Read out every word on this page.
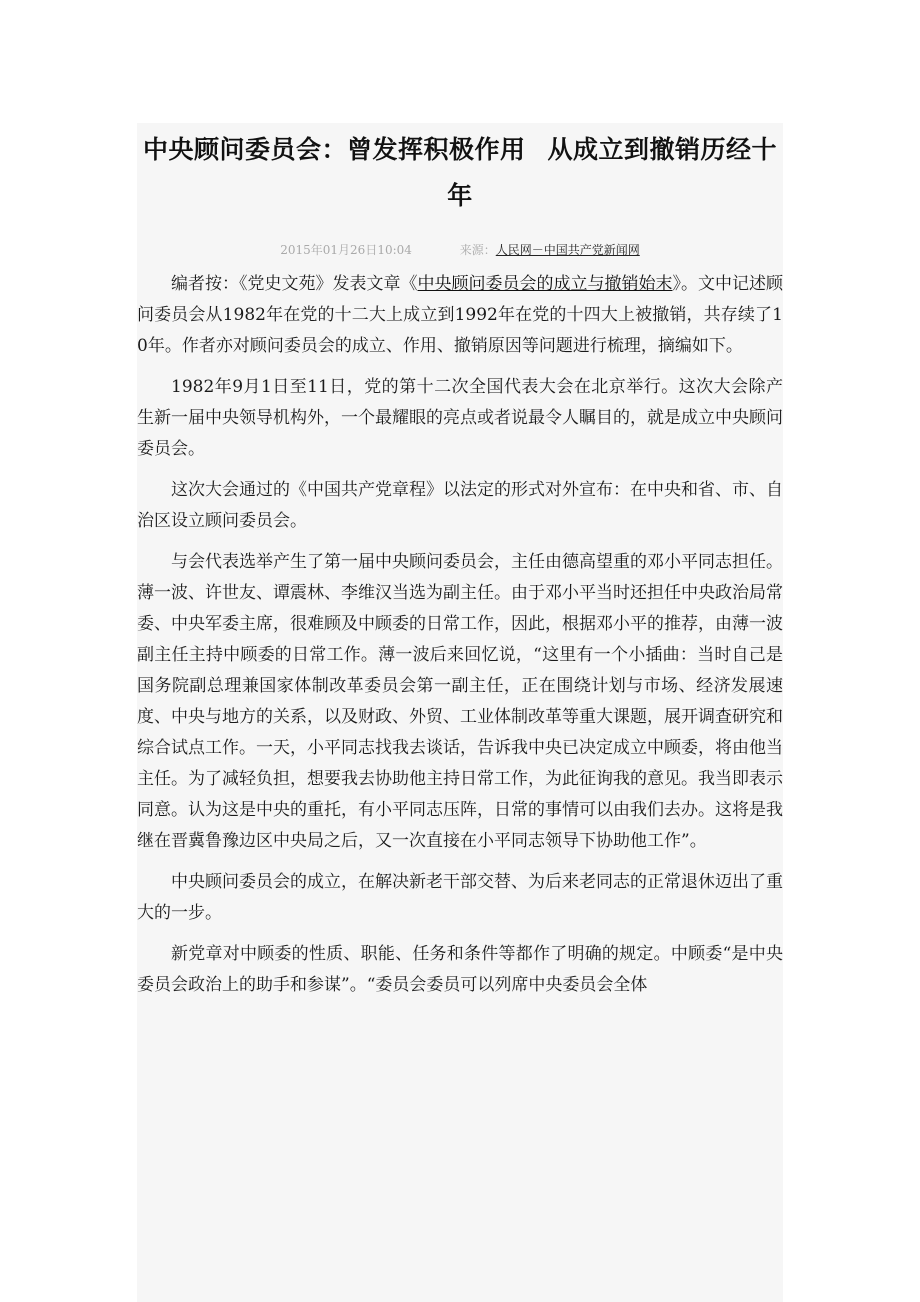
中央顾问委员会：曾发挥积极作用 从成立到撤销历经十年
2015年01月26日10:04	来源：人民网－中国共产党新闻网

编者按：《党史文苑》发表文章《中央顾问委员会的成立与撤销始末》。文中记述顾问委员会从1982年在党的十二大上成立到1992年在党的十四大上被撤销，共存续了10年。作者亦对顾问委员会的成立、作用、撤销原因等问题进行梳理，摘编如下。

1982年9月1日至11日，党的第十二次全国代表大会在北京举行。这次大会除产生新一届中央领导机构外，一个最耀眼的亮点或者说最令人瞩目的，就是成立中央顾问委员会。

这次大会通过的《中国共产党章程》以法定的形式对外宣布：在中央和省、市、自治区设立顾问委员会。

与会代表选举产生了第一届中央顾问委员会，主任由德高望重的邓小平同志担任。薄一波、许世友、谭震林、李维汉当选为副主任。由于邓小平当时还担任中央政治局常委、中央军委主席，很难顾及中顾委的日常工作，因此，根据邓小平的推荐，由薄一波副主任主持中顾委的日常工作。薄一波后来回忆说，“这里有一个小插曲：当时自己是国务院副总理兼国家体制改革委员会第一副主任，正在围绕计划与市场、经济发展速度、中央与地方的关系，以及财政、外贸、工业体制改革等重大课题，展开调查研究和综合试点工作。一天，小平同志找我去谈话，告诉我中央已决定成立中顾委，将由他当主任。为了减轻负担，想要我去协助他主持日常工作，为此征询我的意见。我当即表示同意。认为这是中央的重托，有小平同志压阵，日常的事情可以由我们去办。这将是我继在晋冀鲁豫边区中央局之后，又一次直接在小平同志领导下协助他工作”。

中央顾问委员会的成立，在解决新老干部交替、为后来老同志的正常退休迈出了重大的一步。

新党章对中顾委的性质、职能、任务和条件等都作了明确的规定。中顾委“是中央委员会政治上的助手和参谋”。“委员会委员可以列席中央委员会全体
